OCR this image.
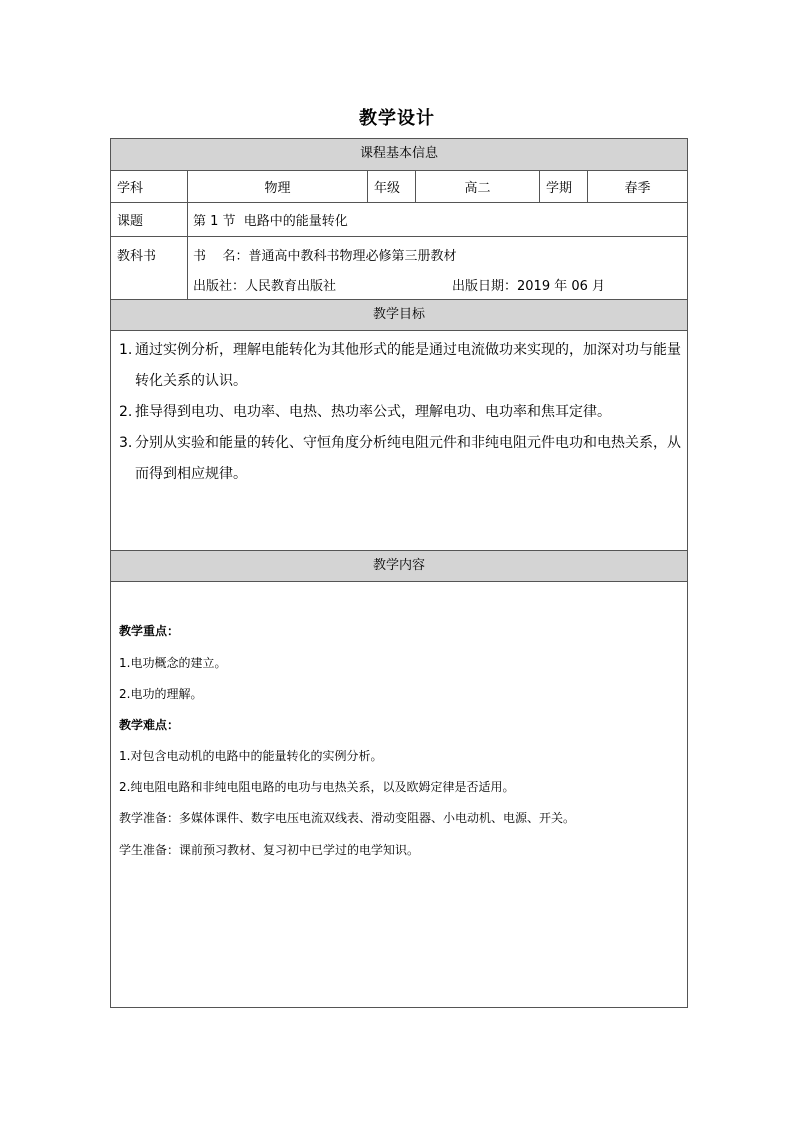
教学设计
课程基本信息
学科	物理	年级	高二	学期	春季
课题	第 1 节  电路中的能量转化
教科书	书    名：普通高中教科书物理必修第三册教材
出版社：人民教育出版社	出版日期：2019 年 06 月
教学目标
1. 通过实例分析，理解电能转化为其他形式的能是通过电流做功来实现的，加深对功与能量转化关系的认识。
2. 推导得到电功、电功率、电热、热功率公式，理解电功、电功率和焦耳定律。
3. 分别从实验和能量的转化、守恒角度分析纯电阻元件和非纯电阻元件电功和电热关系，从而得到相应规律。
教学内容
教学重点：
1.电功概念的建立。
2.电功的理解。
教学难点：
1.对包含电动机的电路中的能量转化的实例分析。
2.纯电阻电路和非纯电阻电路的电功与电热关系，以及欧姆定律是否适用。
教学准备：多媒体课件、数字电压电流双线表、滑动变阻器、小电动机、电源、开关。
学生准备：课前预习教材、复习初中已学过的电学知识。
